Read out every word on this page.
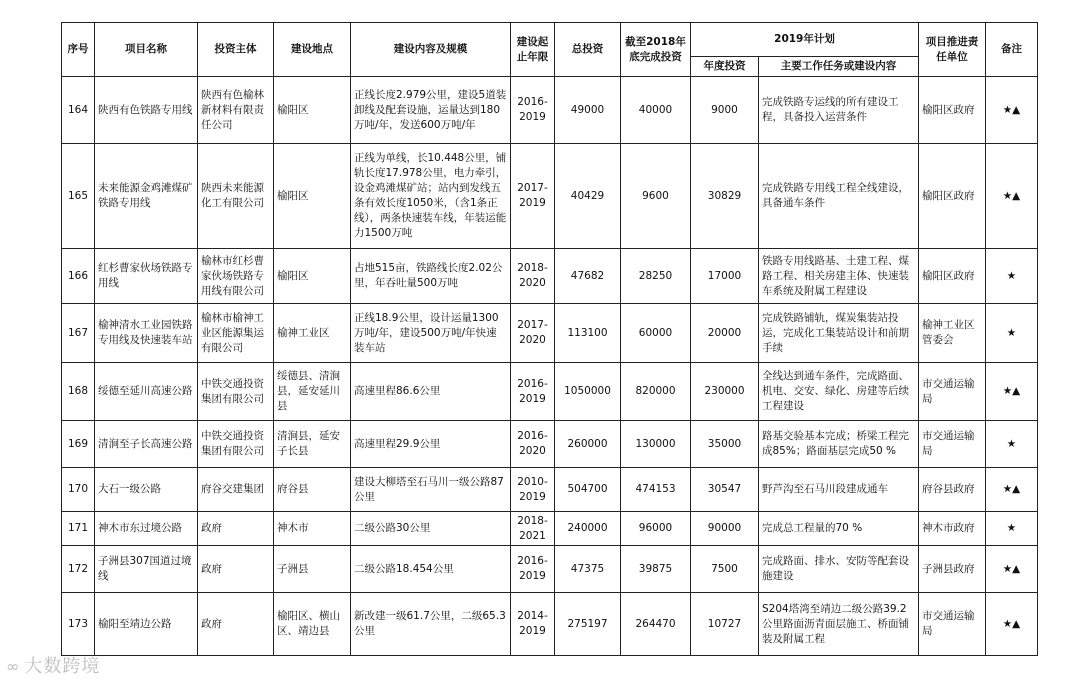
序号	项目名称	投资主体	建设地点	建设内容及规模	建设起止年限	总投资	截至2018年底完成投资	2019年计划		项目推进责任单位	备注
								年度投资	主要工作任务或建设内容		
164	陕西有色铁路专用线	陕西有色榆林新材料有限责任公司	榆阳区	正线长度2.979公里，建设5道装卸线及配套设施，运量达到180万吨/年，发送600万吨/年	2016-2019	49000	40000	9000	完成铁路专运线的所有建设工程，具备投入运营条件	榆阳区政府	★▲
165	未来能源金鸡滩煤矿铁路专用线	陕西未来能源化工有限公司	榆阳区	正线为单线，长10.448公里，铺轨长度17.978公里，电力牵引，设金鸡滩煤矿站；站内到发线五条有效长度1050米，（含1条正线），两条快速装车线，年装运能力1500万吨	2017-2019	40429	9600	30829	完成铁路专用线工程全线建设，具备通车条件	榆阳区政府	★▲
166	红杉曹家伙场铁路专用线	榆林市红杉曹家伙场铁路专用线有限公司	榆阳区	占地515亩，铁路线长度2.02公里，年吞吐量500万吨	2018-2020	47682	28250	17000	铁路专用线路基、土建工程、煤路工程、相关房建主体、快速装车系统及附属工程建设	榆阳区政府	★
167	榆神清水工业园铁路专用线及快速装车站	榆林市榆神工业区能源集运有限公司	榆神工业区	正线18.9公里，设计运量1300万吨/年，建设500万吨/年快速装车站	2017-2020	113100	60000	20000	完成铁路铺轨，煤炭集装站投运，完成化工集装站设计和前期手续	榆神工业区管委会	★
168	绥德至延川高速公路	中铁交通投资集团有限公司	绥德县、清涧县，延安延川县	高速里程86.6公里	2016-2019	1050000	820000	230000	全线达到通车条件，完成路面、机电、交安、绿化、房建等后续工程建设	市交通运输局	★▲
169	清涧至子长高速公路	中铁交通投资集团有限公司	清涧县，延安子长县	高速里程29.9公里	2016-2020	260000	130000	35000	路基交验基本完成；桥梁工程完成85%；路面基层完成50 %	市交通运输局	★
170	大石一级公路	府谷交建集团	府谷县	建设大柳塔至石马川一级公路87公里	2010-2019	504700	474153	30547	野芦沟至石马川段建成通车	府谷县政府	★▲
171	神木市东过境公路	政府	神木市	二级公路30公里	2018-2021	240000	96000	90000	完成总工程量的70 %	神木市政府	★
172	子洲县307国道过境线	政府	子洲县	二级公路18.454公里	2016-2019	47375	39875	7500	完成路面、排水、安防等配套设施建设	子洲县政府	★▲
173	榆阳至靖边公路	政府	榆阳区、横山区、靖边县	新改建一级61.7公里，二级65.3公里	2014-2019	275197	264470	10727	S204塔湾至靖边二级公路39.2公里路面沥青面层施工、桥面铺装及附属工程	市交通运输局	★▲
∞ 大数跨境
